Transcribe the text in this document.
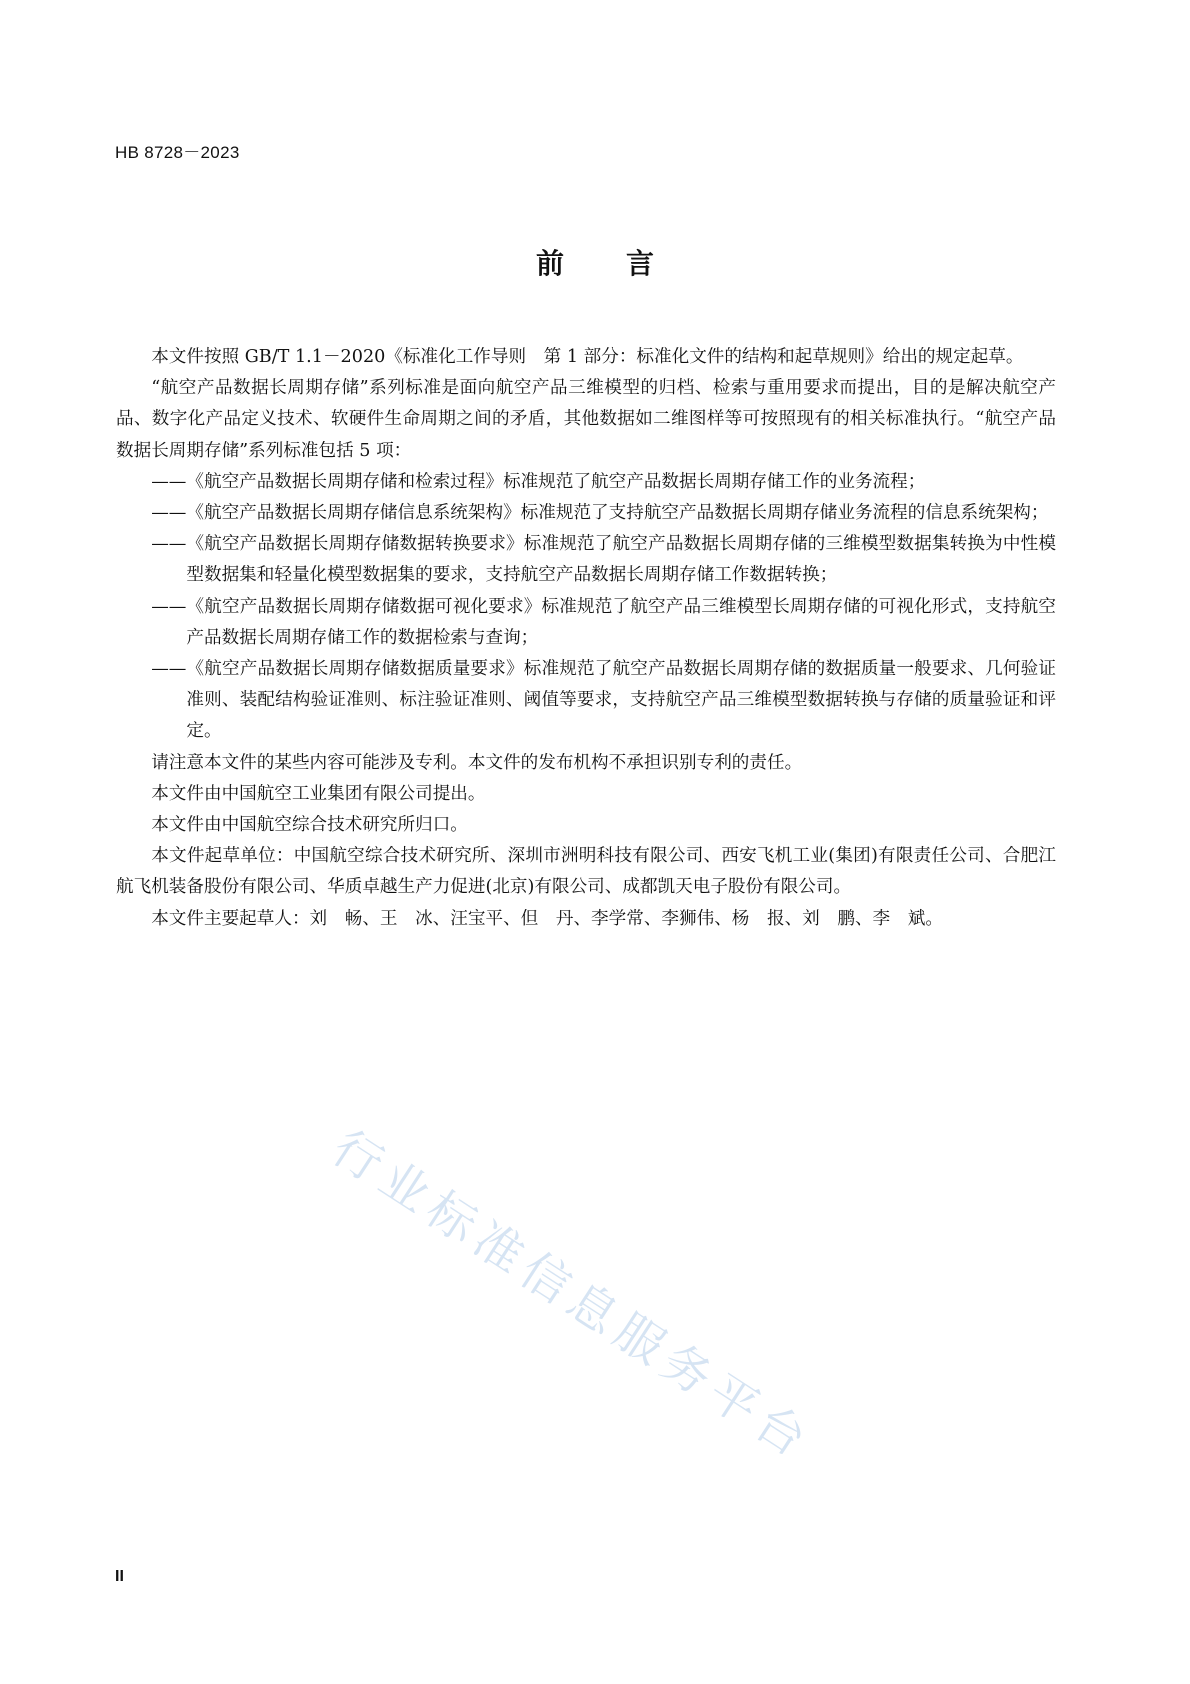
HB 8728－2023
前言

本文件按照 GB/T 1.1－2020《标准化工作导则　第 1 部分：标准化文件的结构和起草规则》给出的规定起草。

“航空产品数据长周期存储”系列标准是面向航空产品三维模型的归档、检索与重用要求而提出，目的是解决航空产品、数字化产品定义技术、软硬件生命周期之间的矛盾，其他数据如二维图样等可按照现有的相关标准执行。“航空产品数据长周期存储”系列标准包括 5 项：

——《航空产品数据长周期存储和检索过程》标准规范了航空产品数据长周期存储工作的业务流程；

——《航空产品数据长周期存储信息系统架构》标准规范了支持航空产品数据长周期存储业务流程的信息系统架构；

——《航空产品数据长周期存储数据转换要求》标准规范了航空产品数据长周期存储的三维模型数据集转换为中性模型数据集和轻量化模型数据集的要求，支持航空产品数据长周期存储工作数据转换；

——《航空产品数据长周期存储数据可视化要求》标准规范了航空产品三维模型长周期存储的可视化形式，支持航空产品数据长周期存储工作的数据检索与查询；

——《航空产品数据长周期存储数据质量要求》标准规范了航空产品数据长周期存储的数据质量一般要求、几何验证准则、装配结构验证准则、标注验证准则、阈值等要求，支持航空产品三维模型数据转换与存储的质量验证和评定。

请注意本文件的某些内容可能涉及专利。本文件的发布机构不承担识别专利的责任。

本文件由中国航空工业集团有限公司提出。

本文件由中国航空综合技术研究所归口。

本文件起草单位：中国航空综合技术研究所、深圳市洲明科技有限公司、西安飞机工业(集团)有限责任公司、合肥江航飞机装备股份有限公司、华质卓越生产力促进(北京)有限公司、成都凯天电子股份有限公司。

本文件主要起草人：刘　畅、王　冰、汪宝平、但　丹、李学常、李狮伟、杨　报、刘　鹏、李　斌。

行业标准信息服务平台
II
